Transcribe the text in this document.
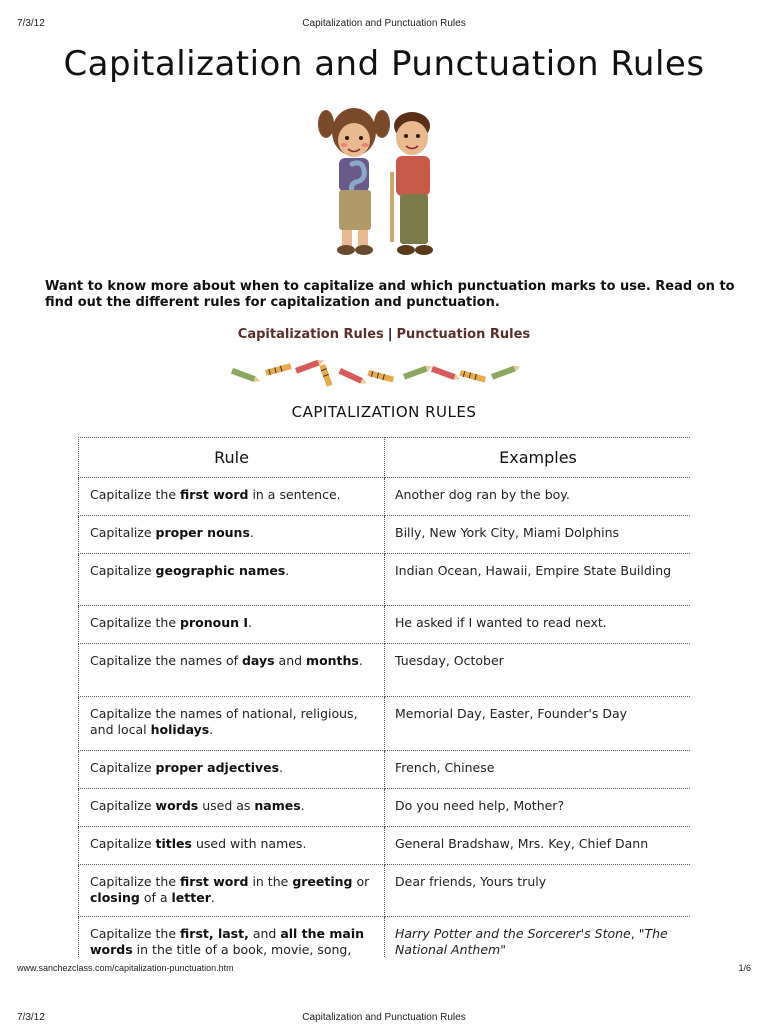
7/3/12	Capitalization and Punctuation Rules
Capitalization and Punctuation Rules
Want to know more about when to capitalize and which punctuation marks to use. Read on to find out the different rules for capitalization and punctuation.
Capitalization Rules | Punctuation Rules
CAPITALIZATION RULES
Rule	Examples
Capitalize the first word in a sentence.	Another dog ran by the boy.
Capitalize proper nouns.	Billy, New York City, Miami Dolphins
Capitalize geographic names.	Indian Ocean, Hawaii, Empire State Building
Capitalize the pronoun I.	He asked if I wanted to read next.
Capitalize the names of days and months.	Tuesday, October
Capitalize the names of national, religious, and local holidays.	Memorial Day, Easter, Founder's Day
Capitalize proper adjectives.	French, Chinese
Capitalize words used as names.	Do you need help, Mother?
Capitalize titles used with names.	General Bradshaw, Mrs. Key, Chief Dann
Capitalize the first word in the greeting or closing of a letter.	Dear friends, Yours truly
Capitalize the first, last, and all the main words in the title of a book, movie, song,	Harry Potter and the Sorcerer's Stone, "The National Anthem"
www.sanchezclass.com/capitalization-punctuation.htm	1/6
7/3/12	Capitalization and Punctuation Rules
